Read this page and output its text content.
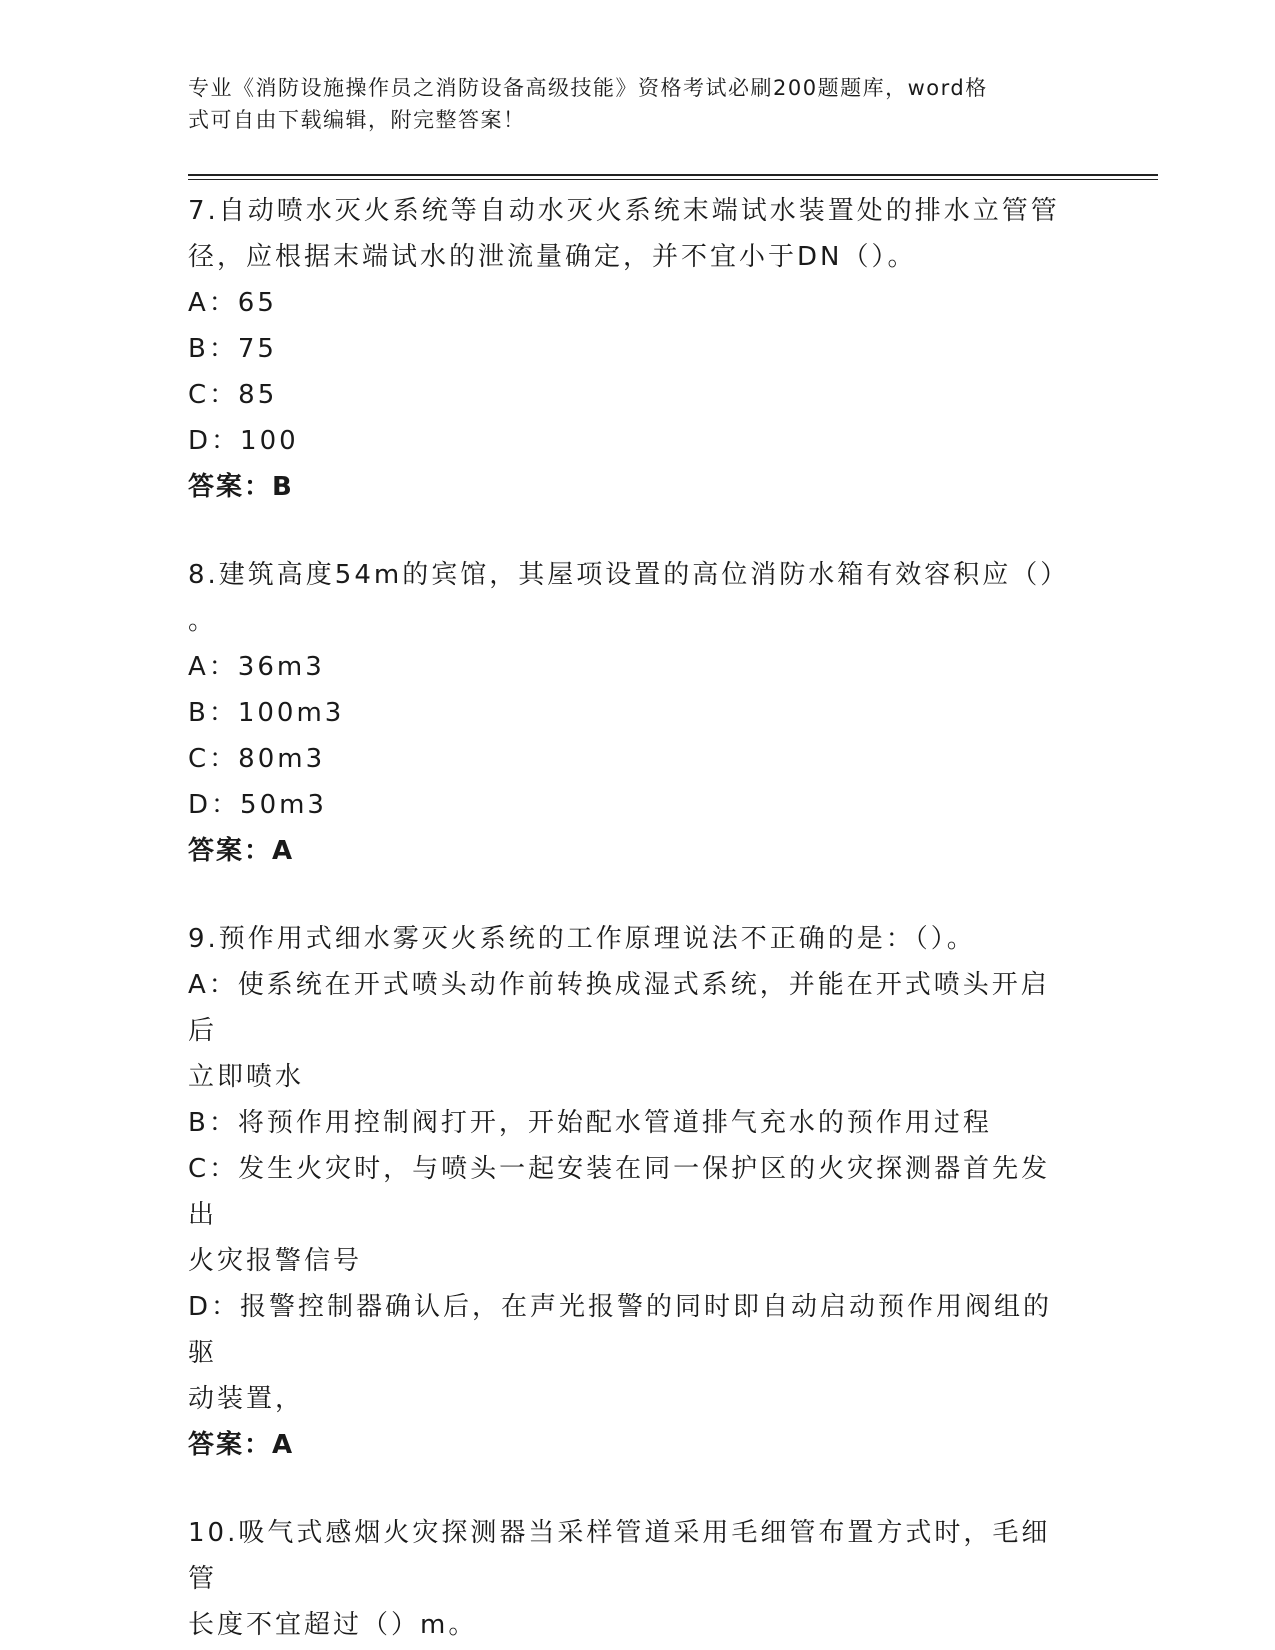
专业《消防设施操作员之消防设备高级技能》资格考试必刷200题题库，word格
式可自由下载编辑，附完整答案！
7.自动喷水灭火系统等自动水灭火系统末端试水装置处的排水立管管
径，应根据末端试水的泄流量确定，并不宜小于DN（）。
A：65
B：75
C：85
D：100
答案：B
8.建筑高度54m的宾馆，其屋项设置的高位消防水箱有效容积应（）
。
A：36m3
B：100m3
C：80m3
D：50m3
答案：A
9.预作用式细水雾灭火系统的工作原理说法不正确的是：（）。
A：使系统在开式喷头动作前转换成湿式系统，并能在开式喷头开启后
立即喷水
B：将预作用控制阀打开，开始配水管道排气充水的预作用过程
C：发生火灾时，与喷头一起安装在同一保护区的火灾探测器首先发出
火灾报警信号
D：报警控制器确认后，在声光报警的同时即自动启动预作用阀组的驱
动装置，
答案：A
10.吸气式感烟火灾探测器当采样管道采用毛细管布置方式时，毛细管
长度不宜超过（）m。
